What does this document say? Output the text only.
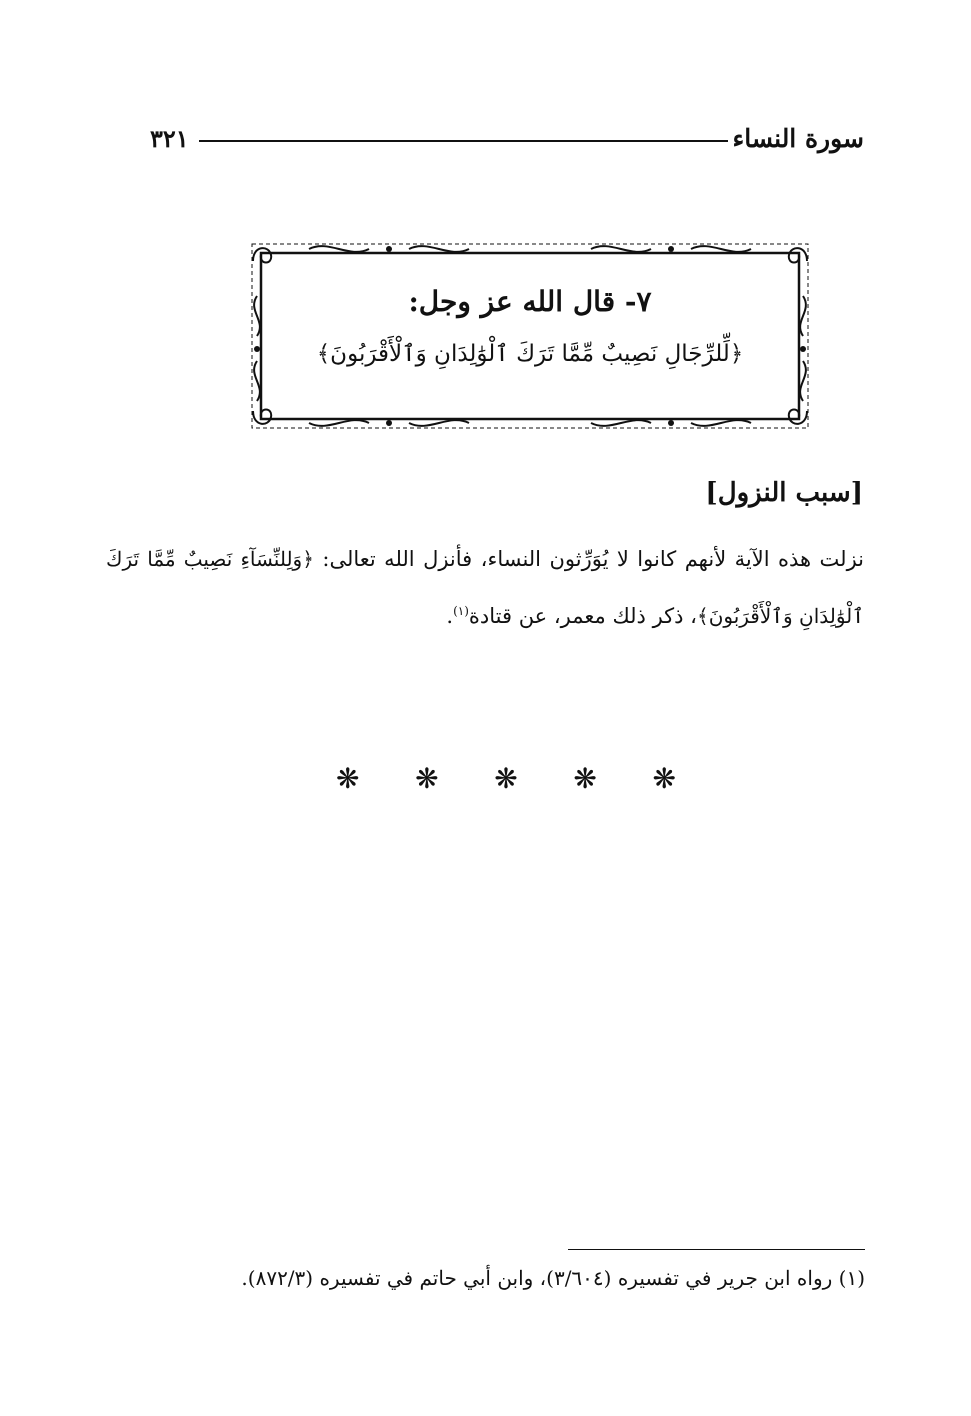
سورة النساء
٣٢١
٧- قال الله عز وجل:
﴿لِّلرِّجَالِ نَصِيبٌ مِّمَّا تَرَكَ ٱلْوَٰلِدَانِ وَٱلْأَقْرَبُونَ﴾
[سبب النزول]
نزلت هذه الآية لأنهم كانوا لا يُوَرِّثون النساء، فأنزل الله تعالى: ﴿وَلِلنِّسَآءِ نَصِيبٌ مِّمَّا تَرَكَ ٱلْوَٰلِدَانِ وَٱلْأَقْرَبُونَ﴾، ذكر ذلك معمر، عن قتادة$^{(١)}$.
❋ ❋ ❋ ❋ ❋
(١) رواه ابن جرير في تفسيره (٣/٦٠٤)، وابن أبي حاتم في تفسيره (٨٧٢/٣).
